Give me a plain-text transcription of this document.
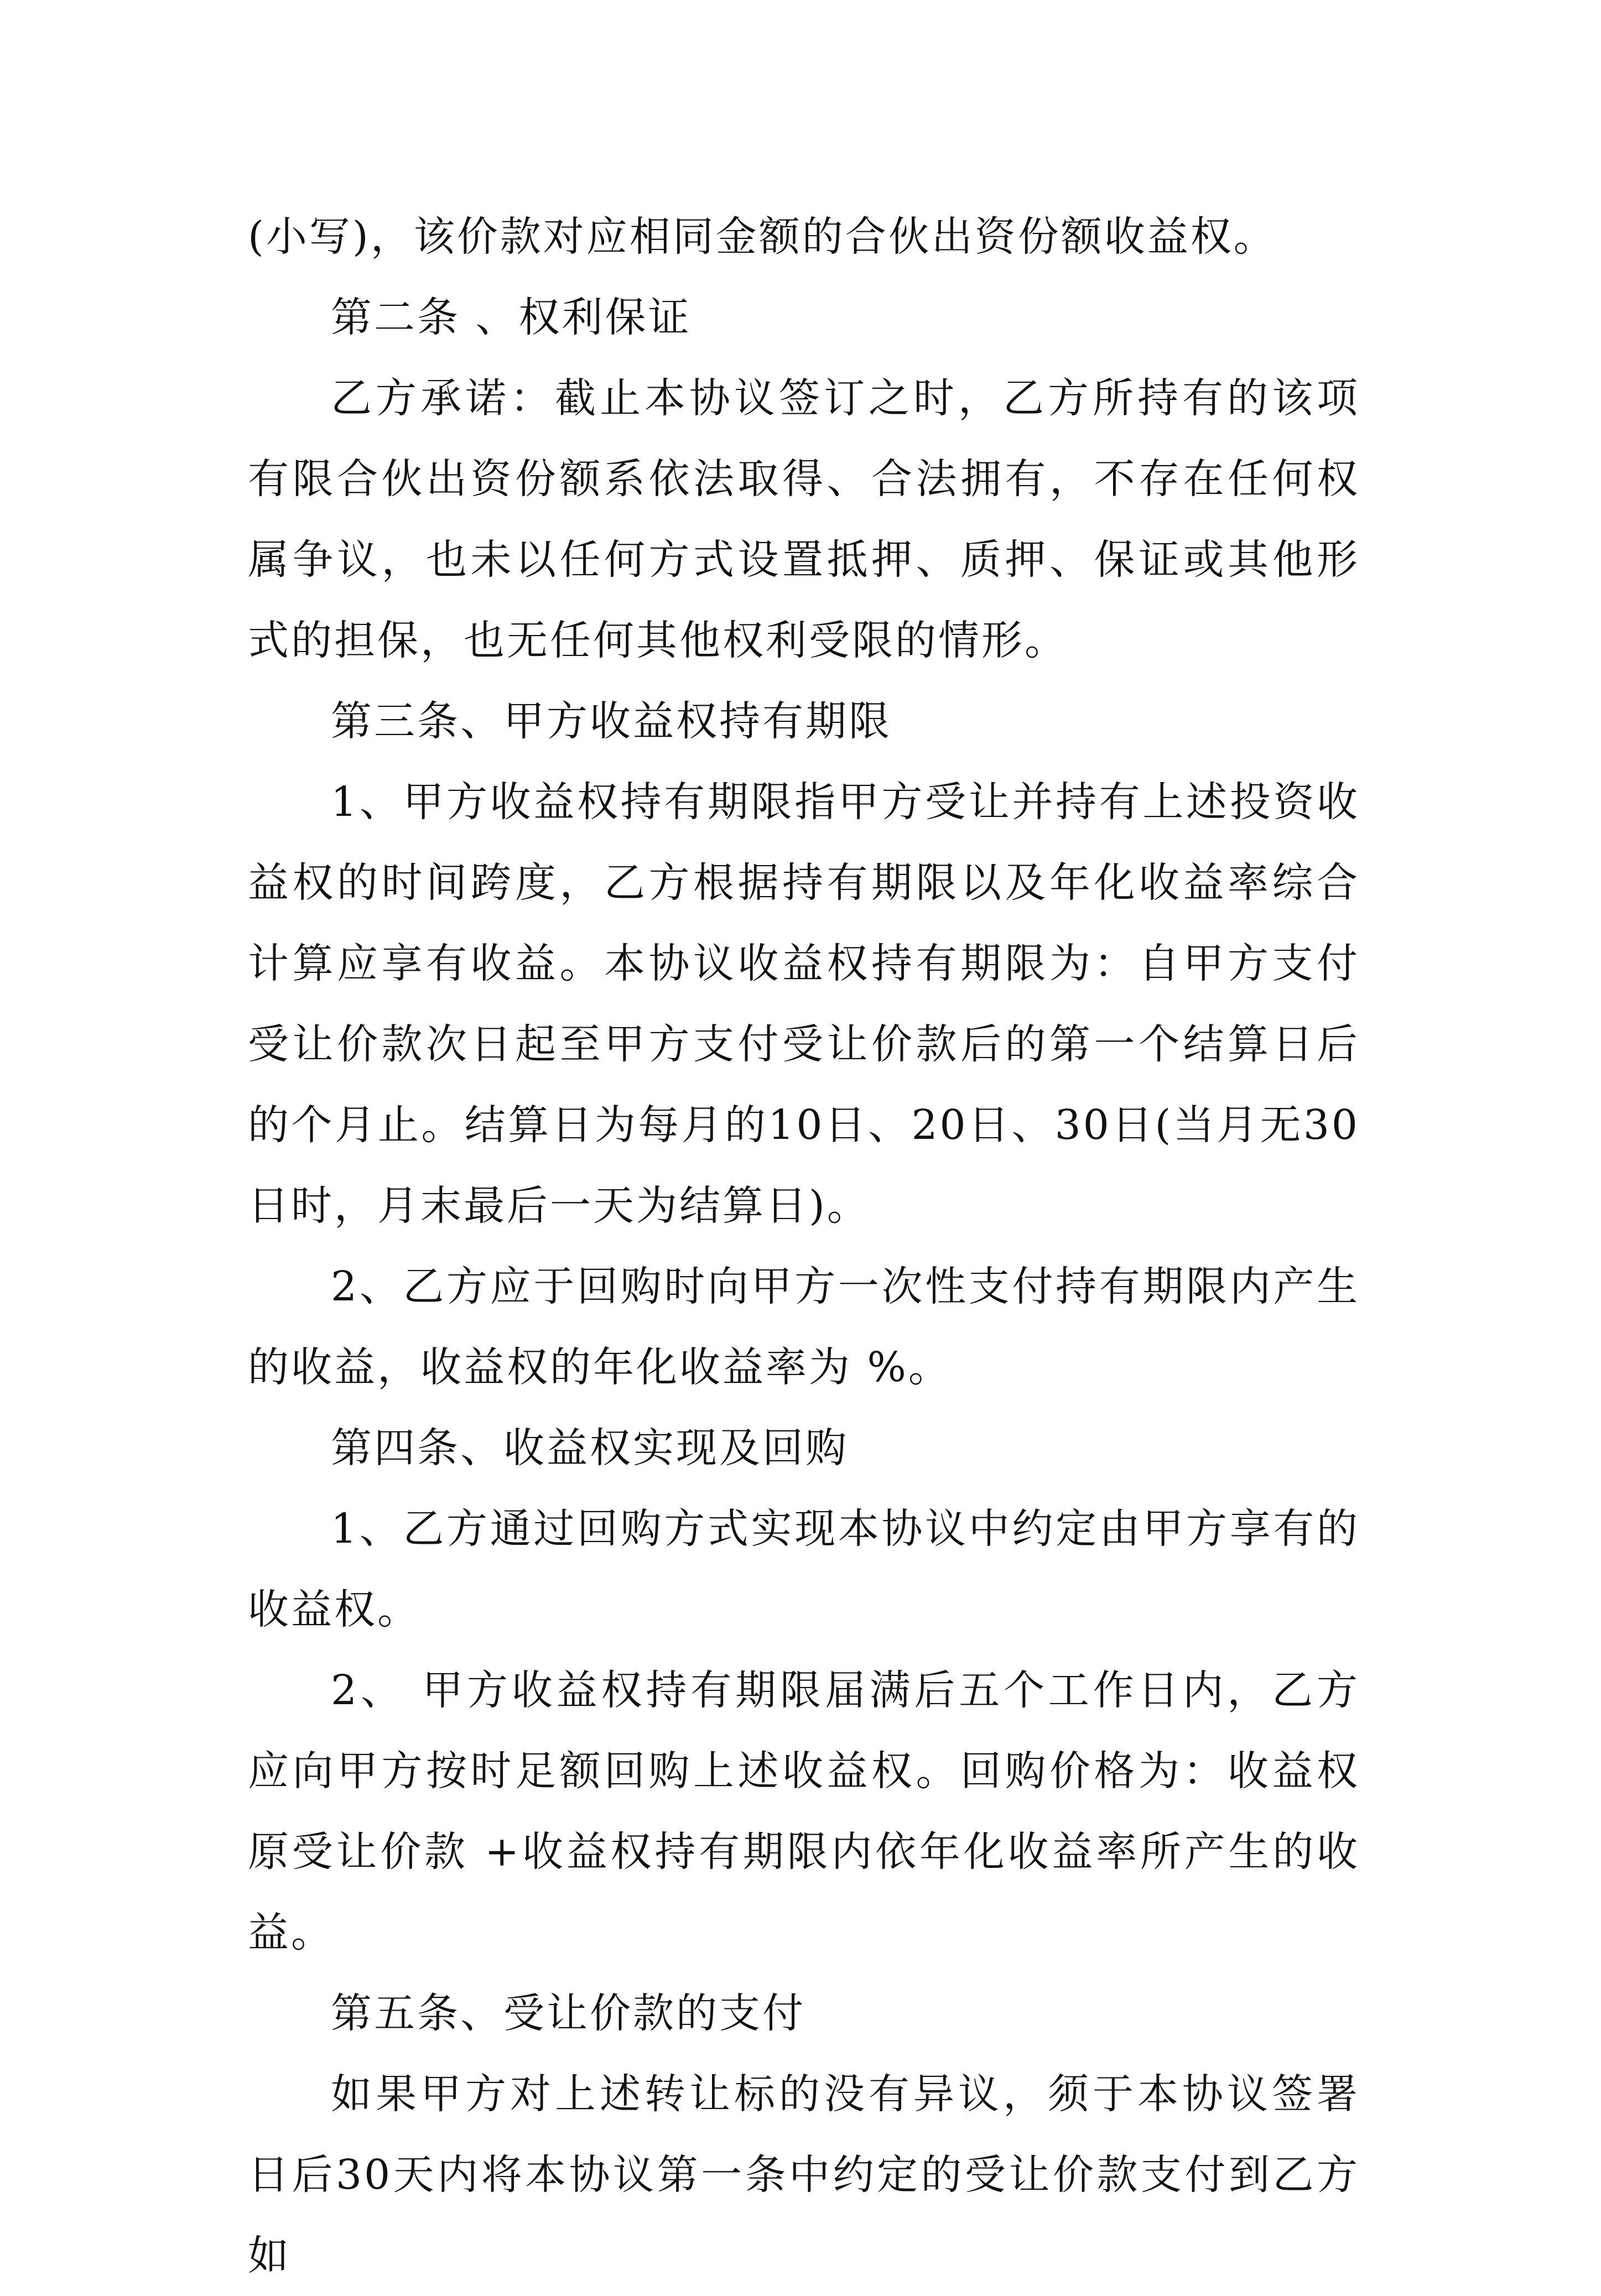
(小写)，该价款对应相同金额的合伙出资份额收益权。

第二条 、权利保证

乙方承诺：截止本协议签订之时，乙方所持有的该项有限合伙出资份额系依法取得、合法拥有，不存在任何权属争议，也未以任何方式设置抵押、质押、保证或其他形式的担保，也无任何其他权利受限的情形。

第三条、甲方收益权持有期限

1、甲方收益权持有期限指甲方受让并持有上述投资收益权的时间跨度，乙方根据持有期限以及年化收益率综合计算应享有收益。本协议收益权持有期限为：自甲方支付受让价款次日起至甲方支付受让价款后的第一个结算日后的个月止。结算日为每月的10日、20日、30日(当月无30日时，月末最后一天为结算日)。

2、乙方应于回购时向甲方一次性支付持有期限内产生的收益，收益权的年化收益率为 %。

第四条、收益权实现及回购

1、乙方通过回购方式实现本协议中约定由甲方享有的收益权。

2、 甲方收益权持有期限届满后五个工作日内，乙方应向甲方按时足额回购上述收益权。回购价格为：收益权原受让价款 +收益权持有期限内依年化收益率所产生的收益。

第五条、受让价款的支付

如果甲方对上述转让标的没有异议，须于本协议签署日后30天内将本协议第一条中约定的受让价款支付到乙方如
